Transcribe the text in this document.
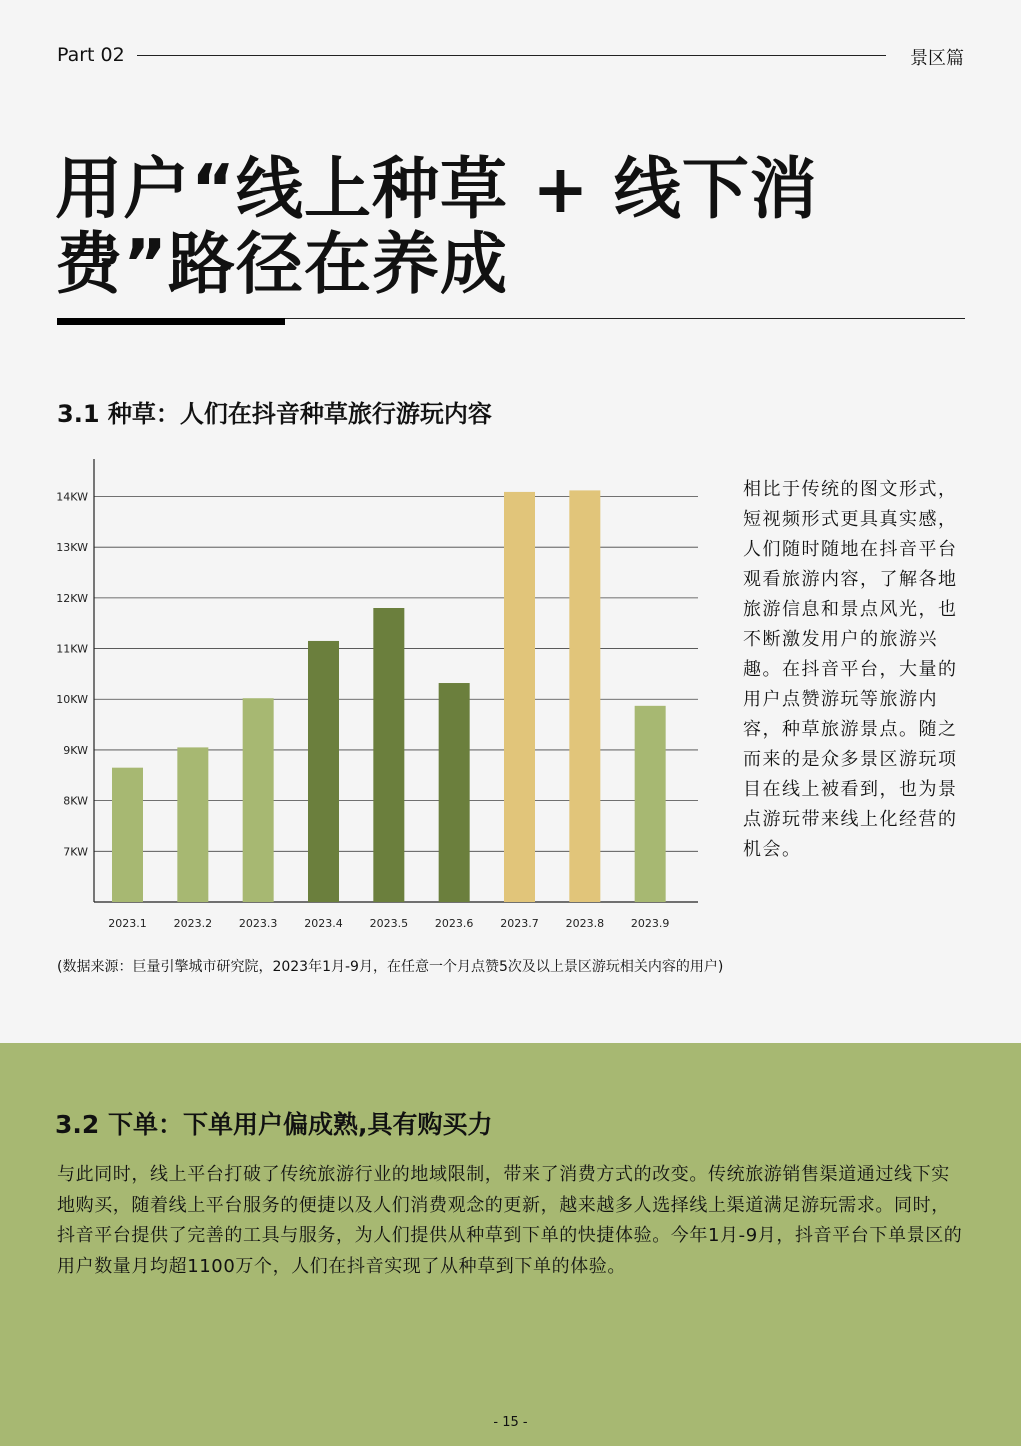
Part 02	景区篇
用户“线上种草 + 线下消费”路径在养成
3.1 种草：人们在抖音种草旅行游玩内容
7KW
8KW
9KW
10KW
11KW
12KW
13KW
14KW
2023.1 2023.2 2023.3 2023.4 2023.5 2023.6 2023.7 2023.8 2023.9
相比于传统的图文形式，短视频形式更具真实感，人们随时随地在抖音平台观看旅游内容，了解各地旅游信息和景点风光，也不断激发用户的旅游兴趣。在抖音平台，大量的用户点赞游玩等旅游内容，种草旅游景点。随之而来的是众多景区游玩项目在线上被看到，也为景点游玩带来线上化经营的机会。
(数据来源：巨量引擎城市研究院，2023年1月-9月，在任意一个月点赞5次及以上景区游玩相关内容的用户)
3.2 下单：下单用户偏成熟,具有购买力
与此同时，线上平台打破了传统旅游行业的地域限制，带来了消费方式的改变。传统旅游销售渠道通过线下实地购买，随着线上平台服务的便捷以及人们消费观念的更新，越来越多人选择线上渠道满足游玩需求。同时，抖音平台提供了完善的工具与服务，为人们提供从种草到下单的快捷体验。今年1月-9月，抖音平台下单景区的用户数量月均超1100万个，人们在抖音实现了从种草到下单的体验。
- 15 -
